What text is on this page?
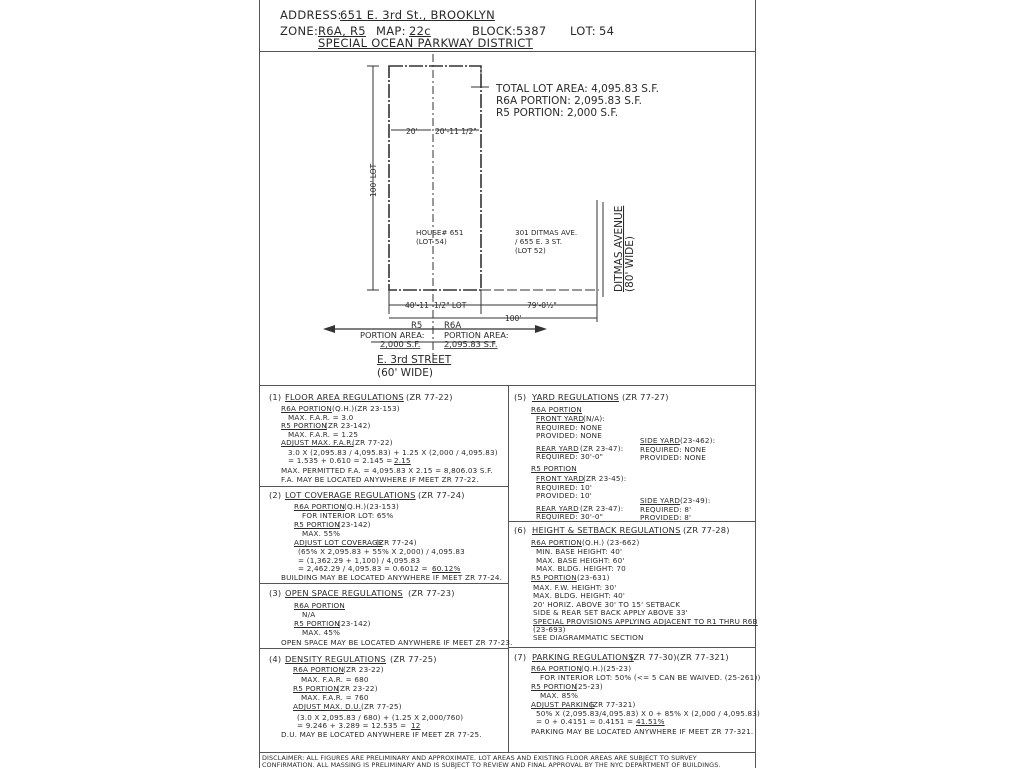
ADDRESS:
651 E. 3rd St., BROOKLYN
ZONE: R6A, R5 MAP: 22c	BLOCK: 5387 LOT: 54
SPECIAL OCEAN PARKWAY DISTRICT
TOTAL LOT AREA: 4,095.83 S.F.
R6A PORTION: 2,095.83 S.F.
R5 PORTION: 2,000 S.F.
20' 20'-11 1/2"
100' LOT
HOUSE# 651
(LOT 54)
301 DITMAS AVE.
/ 655 E. 3 ST.
(LOT 52)
40'-11 1/2" LOT	79'-0½"
100'
R5	R6A
PORTION AREA:
2,000 S.F.
PORTION AREA:
2,095.83 S.F.
E. 3rd STREET
(60' WIDE)
DITMAS AVENUE (80' WIDE)
(1) FLOOR AREA REGULATIONS (ZR 77-22)
R6A PORTION (Q.H.)(ZR 23-153)
MAX. F.A.R. = 3.0
R5 PORTION
(ZR 23-142)
MAX. F.A.R. = 1.25
ADJUST MAX. F.A.R.
(ZR 77-22)
3.0 X (2,095.83 / 4,095.83) + 1.25 X (2,000 / 4,095.83)
= 1.535 + 0.610 = 2.145 = 2.15
MAX. PERMITTED F.A. = 4,095.83 X 2.15 = 8,806.03 S.F.
F.A. MAY BE LOCATED ANYWHERE IF MEET ZR 77-22.
(2) LOT COVERAGE REGULATIONS (ZR 77-24)
R6A PORTION (Q.H.)(23-153)
FOR INTERIOR LOT: 65%
R5 PORTION
(23-142)
MAX. 55%
ADJUST LOT COVERAGE
(ZR 77-24)
(65% X 2,095.83 + 55% X 2,000) / 4,095.83
= (1,362.29 + 1,100) / 4,095.83
= 2,462.29 / 4,095.83 = 0.6012 = 60.12%
BUILDING MAY BE LOCATED ANYWHERE IF MEET ZR 77-24.
(3) OPEN SPACE REGULATIONS (ZR 77-23)
R6A PORTION
N/A
R5 PORTION
(23-142)
MAX. 45%
OPEN SPACE MAY BE LOCATED ANYWHERE IF MEET ZR 77-23.
(4) DENSITY REGULATIONS (ZR 77-25)
R6A PORTION (ZR 23-22)
MAX. F.A.R. = 680
R5 PORTION
(ZR 23-22)
MAX. F.A.R. = 760
ADJUST MAX. D.U. (ZR 77-25)
(3.0 X 2,095.83 / 680) + (1.25 X 2,000/760)
= 9.246 + 3.289 = 12.535 = 12
D.U. MAY BE LOCATED ANYWHERE IF MEET ZR 77-25.
(5) YARD REGULATIONS (ZR 77-27)
R6A PORTION
FRONT YARD
(N/A):
REQUIRED: NONE
PROVIDED: NONE
SIDE YARD (23-462):
REQUIRED: NONE
PROVIDED: NONE
REAR YARD (ZR 23-47):
REQUIRED: 30'-0"
R5 PORTION
FRONT YARD
(ZR 23-45):
REQUIRED: 10'
PROVIDED: 10'
SIDE YARD (23-49):
REQUIRED: 8'
PROVIDED: 8'
REAR YARD (ZR 23-47):
REQUIRED: 30'-0"
(6) HEIGHT & SETBACK REGULATIONS (ZR 77-28)
R6A PORTION (Q.H.) (23-662)
MIN. BASE HEIGHT: 40'
MAX. BASE HEIGHT: 60'
MAX. BLDG. HEIGHT: 70
R5 PORTION (23-631)
MAX. F.W. HEIGHT: 30'
MAX. BLDG. HEIGHT: 40'
20' HORIZ. ABOVE 30' TO 15' SETBACK
SIDE & REAR SET BACK APPLY ABOVE 33'
SPECIAL PROVISIONS APPLYING ADJACENT TO R1 THRU R6B
(23-693)
SEE DIAGRAMMATIC SECTION
(7) PARKING REGULATIONS
(ZR 77-30)(ZR 77-321)
R6A PORTION (Q.H.)(25-23)
FOR INTERIOR LOT: 50% (<= 5 CAN BE WAIVED. (25-261))
R5 PORTION
(25-23)
MAX. 85%
ADJUST PARKING
(ZR 77-321)
50% X (2,095.83/4,095.83) X 0 + 85% X (2,000 / 4,095.83)
= 0 + 0.4151 = 0.4151 = 41.51%
PARKING MAY BE LOCATED ANYWHERE IF MEET ZR 77-321.
DISCLAIMER: ALL FIGURES ARE PRELIMINARY AND APPROXIMATE. LOT AREAS AND EXISTING FLOOR AREAS ARE SUBJECT TO SURVEY
CONFIRMATION. ALL MASSING IS PRELIMINARY AND IS SUBJECT TO REVIEW AND FINAL APPROVAL BY THE NYC DEPARTMENT OF BUILDINGS.
